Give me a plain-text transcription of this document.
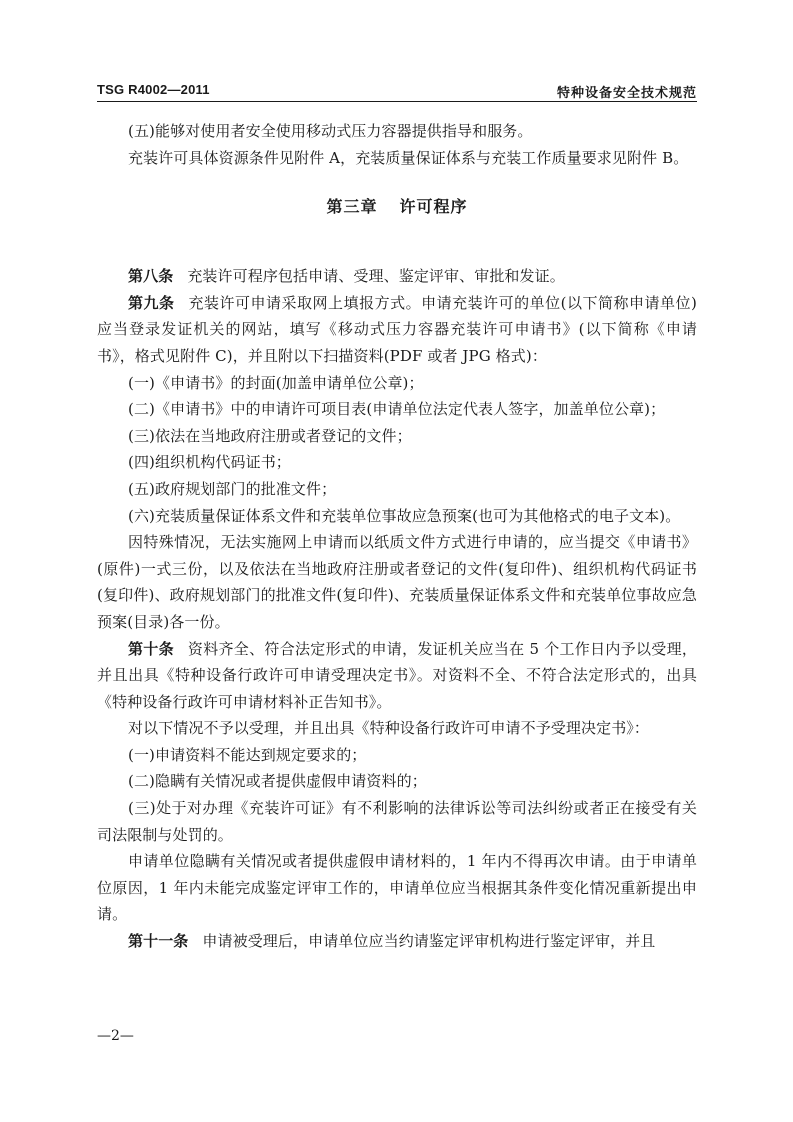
TSG R4002—2011	特种设备安全技术规范

(五)能够对使用者安全使用移动式压力容器提供指导和服务。

充装许可具体资源条件见附件 A，充装质量保证体系与充装工作质量要求见附件 B。

第三章 许可程序

第八条 充装许可程序包括申请、受理、鉴定评审、审批和发证。

第九条 充装许可申请采取网上填报方式。申请充装许可的单位(以下简称申请单位)应当登录发证机关的网站，填写《移动式压力容器充装许可申请书》(以下简称《申请书》，格式见附件 C)，并且附以下扫描资料(PDF 或者 JPG 格式)：

(一)《申请书》的封面(加盖申请单位公章)；

(二)《申请书》中的申请许可项目表(申请单位法定代表人签字，加盖单位公章)；

(三)依法在当地政府注册或者登记的文件；

(四)组织机构代码证书；

(五)政府规划部门的批准文件；

(六)充装质量保证体系文件和充装单位事故应急预案(也可为其他格式的电子文本)。

因特殊情况，无法实施网上申请而以纸质文件方式进行申请的，应当提交《申请书》(原件)一式三份，以及依法在当地政府注册或者登记的文件(复印件)、组织机构代码证书(复印件)、政府规划部门的批准文件(复印件)、充装质量保证体系文件和充装单位事故应急预案(目录)各一份。

第十条 资料齐全、符合法定形式的申请，发证机关应当在 5 个工作日内予以受理，并且出具《特种设备行政许可申请受理决定书》。对资料不全、不符合法定形式的，出具《特种设备行政许可申请材料补正告知书》。

对以下情况不予以受理，并且出具《特种设备行政许可申请不予受理决定书》：

(一)申请资料不能达到规定要求的；

(二)隐瞒有关情况或者提供虚假申请资料的；

(三)处于对办理《充装许可证》有不利影响的法律诉讼等司法纠纷或者正在接受有关司法限制与处罚的。

申请单位隐瞒有关情况或者提供虚假申请材料的，1 年内不得再次申请。由于申请单位原因，1 年内未能完成鉴定评审工作的，申请单位应当根据其条件变化情况重新提出申请。

第十一条 申请被受理后，申请单位应当约请鉴定评审机构进行鉴定评审，并且

—2—
